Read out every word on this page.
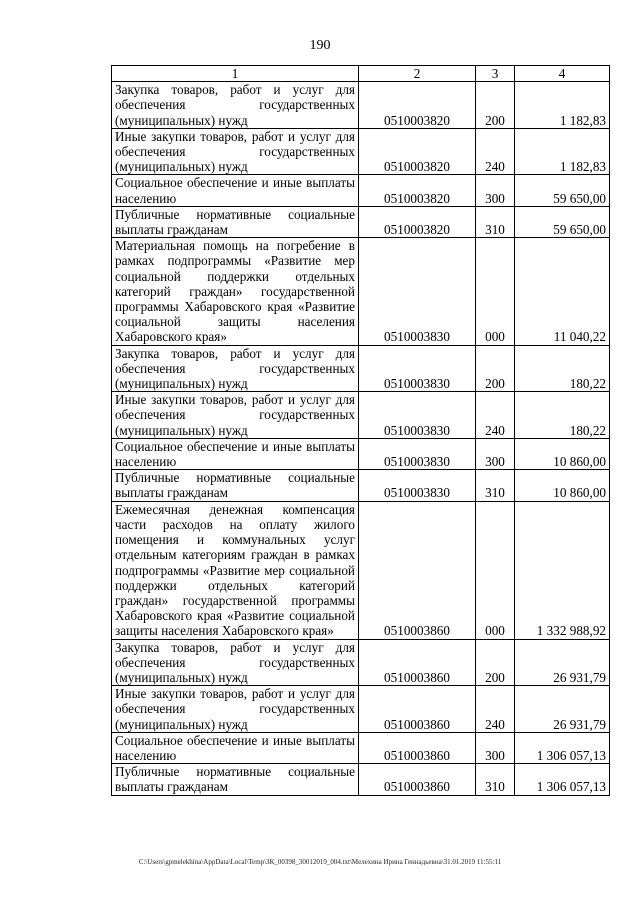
190
1	2	3	4
Закупка товаров, работ и услуг для обеспечения государственных (муниципальных) нужд	0510003820	200	1 182,83
Иные закупки товаров, работ и услуг для обеспечения государственных (муниципальных) нужд	0510003820	240	1 182,83
Социальное обеспечение и иные выплаты населению	0510003820	300	59 650,00
Публичные нормативные социальные выплаты гражданам	0510003820	310	59 650,00
Материальная помощь на погребение в рамках подпрограммы «Развитие мер социальной поддержки отдельных категорий граждан» государственной программы Хабаровского края «Развитие социальной защиты населения Хабаровского края»	0510003830	000	11 040,22
Закупка товаров, работ и услуг для обеспечения государственных (муниципальных) нужд	0510003830	200	180,22
Иные закупки товаров, работ и услуг для обеспечения государственных (муниципальных) нужд	0510003830	240	180,22
Социальное обеспечение и иные выплаты населению	0510003830	300	10 860,00
Публичные нормативные социальные выплаты гражданам	0510003830	310	10 860,00
Ежемесячная денежная компенсация части расходов на оплату жилого помещения и коммунальных услуг отдельным категориям граждан в рамках подпрограммы «Развитие мер социальной поддержки отдельных категорий граждан» государственной программы Хабаровского края «Развитие социальной защиты населения Хабаровского края»	0510003860	000	1 332 988,92
Закупка товаров, работ и услуг для обеспечения государственных (муниципальных) нужд	0510003860	200	26 931,79
Иные закупки товаров, работ и услуг для обеспечения государственных (муниципальных) нужд	0510003860	240	26 931,79
Социальное обеспечение и иные выплаты населению	0510003860	300	1 306 057,13
Публичные нормативные социальные выплаты гражданам	0510003860	310	1 306 057,13
C:\Users\gpmelekhina\AppData\Local\Temp\ЗК_00398_30012019_004.txt\Мелехина Ирина Геннадьевна\31.01.2019 11:55:11
